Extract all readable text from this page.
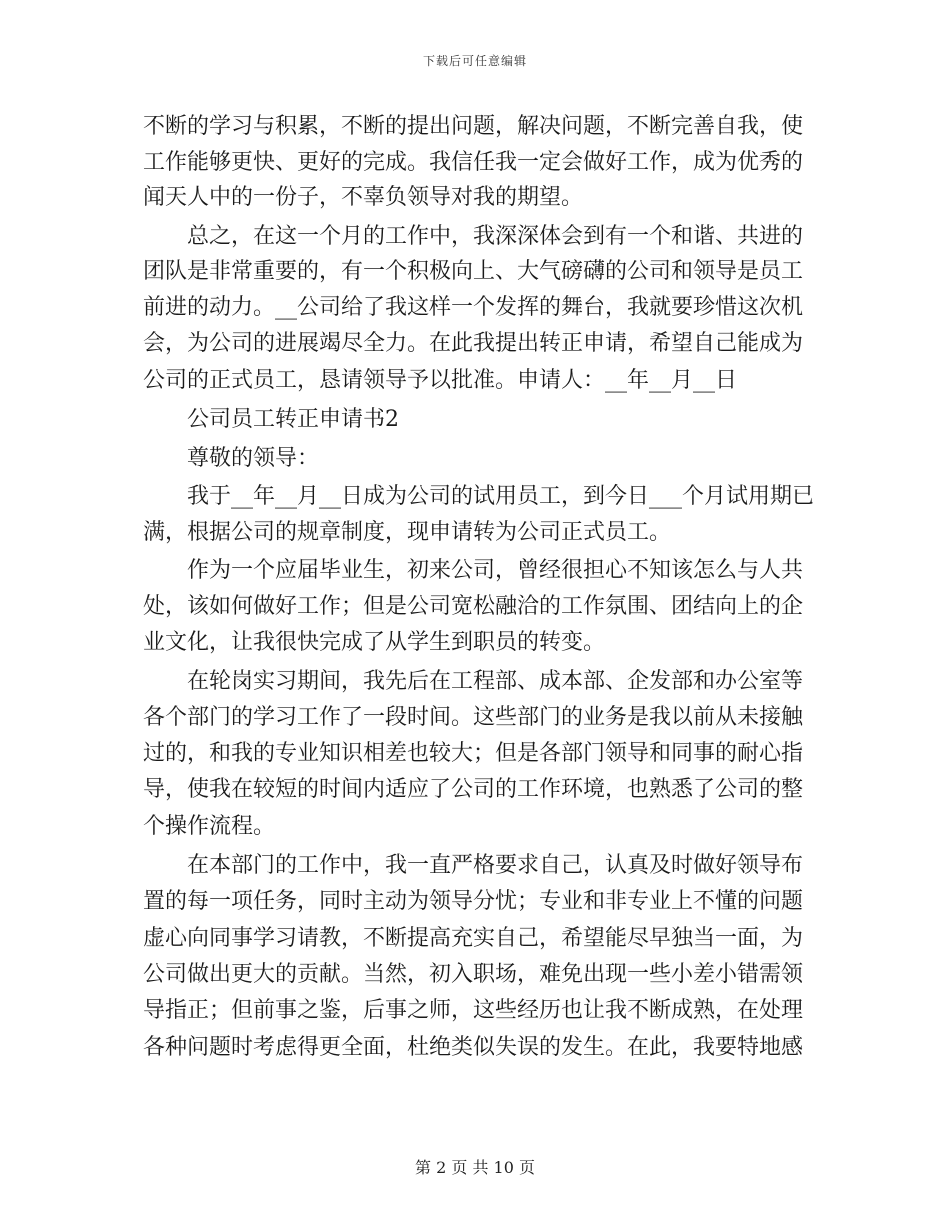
下载后可任意编辑
不断的学习与积累，不断的提出问题，解决问题，不断完善自我，使
工作能够更快、更好的完成。我信任我一定会做好工作，成为优秀的
闻天人中的一份子，不辜负领导对我的期望。
总之，在这一个月的工作中，我深深体会到有一个和谐、共进的
团队是非常重要的，有一个积极向上、大气磅礴的公司和领导是员工
前进的动力。__公司给了我这样一个发挥的舞台，我就要珍惜这次机
会，为公司的进展竭尽全力。在此我提出转正申请，希望自己能成为
公司的正式员工，恳请领导予以批准。申请人：__年__月__日
公司员工转正申请书2
尊敬的领导：
我于__年__月__日成为公司的试用员工，到今日___个月试用期已
满，根据公司的规章制度，现申请转为公司正式员工。
作为一个应届毕业生，初来公司，曾经很担心不知该怎么与人共
处，该如何做好工作；但是公司宽松融洽的工作氛围、团结向上的企
业文化，让我很快完成了从学生到职员的转变。
在轮岗实习期间，我先后在工程部、成本部、企发部和办公室等
各个部门的学习工作了一段时间。这些部门的业务是我以前从未接触
过的，和我的专业知识相差也较大；但是各部门领导和同事的耐心指
导，使我在较短的时间内适应了公司的工作环境，也熟悉了公司的整
个操作流程。
在本部门的工作中，我一直严格要求自己，认真及时做好领导布
置的每一项任务，同时主动为领导分忧；专业和非专业上不懂的问题
虚心向同事学习请教，不断提高充实自己，希望能尽早独当一面，为
公司做出更大的贡献。当然，初入职场，难免出现一些小差小错需领
导指正；但前事之鉴，后事之师，这些经历也让我不断成熟，在处理
各种问题时考虑得更全面，杜绝类似失误的发生。在此，我要特地感
第 2 页 共 10 页
